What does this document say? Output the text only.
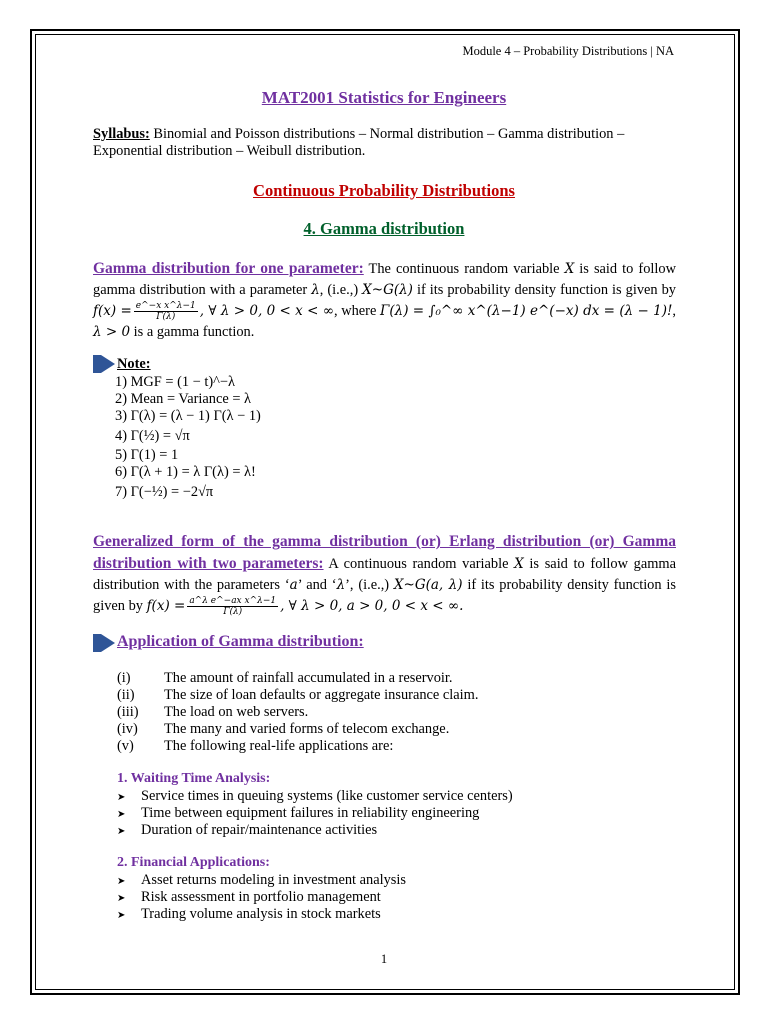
Module 4 – Probability Distributions | NA
MAT2001 Statistics for Engineers
Syllabus: Binomial and Poisson distributions – Normal distribution – Gamma distribution – Exponential distribution – Weibull distribution.
Continuous Probability Distributions
4. Gamma distribution
Gamma distribution for one parameter: The continuous random variable X is said to follow gamma distribution with a parameter λ, (i.e.,) X~G(λ) if its probability density function is given by $f(x) = \frac{\text{e\textasciicircum{}−x x\textasciicircum{}λ−1}}{\Gamma(\lambda)}$ , ∀ λ > 0, 0 < x < ∞, where Γ(λ) = ∫₀^∞ x^(λ−1) e^(−x) dx = (λ − 1)!, λ > 0 is a gamma function.
Note:
1) MGF = (1 − t)^−λ
2) Mean = Variance = λ
3) Γ(λ) = (λ − 1) Γ(λ − 1)
4) Γ(½) = √π
5) Γ(1) = 1
6) Γ(λ + 1) = λ Γ(λ) = λ!
7) Γ(−½) = −2√π
Generalized form of the gamma distribution (or) Erlang distribution (or) Gamma distribution with two parameters: A continuous random variable X is said to follow gamma distribution with the parameters ‘a’ and ‘λ’, (i.e.,) X~G(a, λ) if its probability density function is given by $f(x) = \frac{\text{a\textasciicircum{}λ e\textasciicircum{}−ax x\textasciicircum{}λ−1}}{\Gamma(\lambda)}$ , ∀ λ > 0, a > 0, 0 < x < ∞.
Application of Gamma distribution:
(i) The amount of rainfall accumulated in a reservoir.
(ii) The size of loan defaults or aggregate insurance claim.
(iii) The load on web servers.
(iv) The many and varied forms of telecom exchange.
(v) The following real-life applications are:
1. Waiting Time Analysis:
➤ Service times in queuing systems (like customer service centers)
➤ Time between equipment failures in reliability engineering
➤ Duration of repair/maintenance activities
2. Financial Applications:
➤ Asset returns modeling in investment analysis
➤ Risk assessment in portfolio management
➤ Trading volume analysis in stock markets
1
